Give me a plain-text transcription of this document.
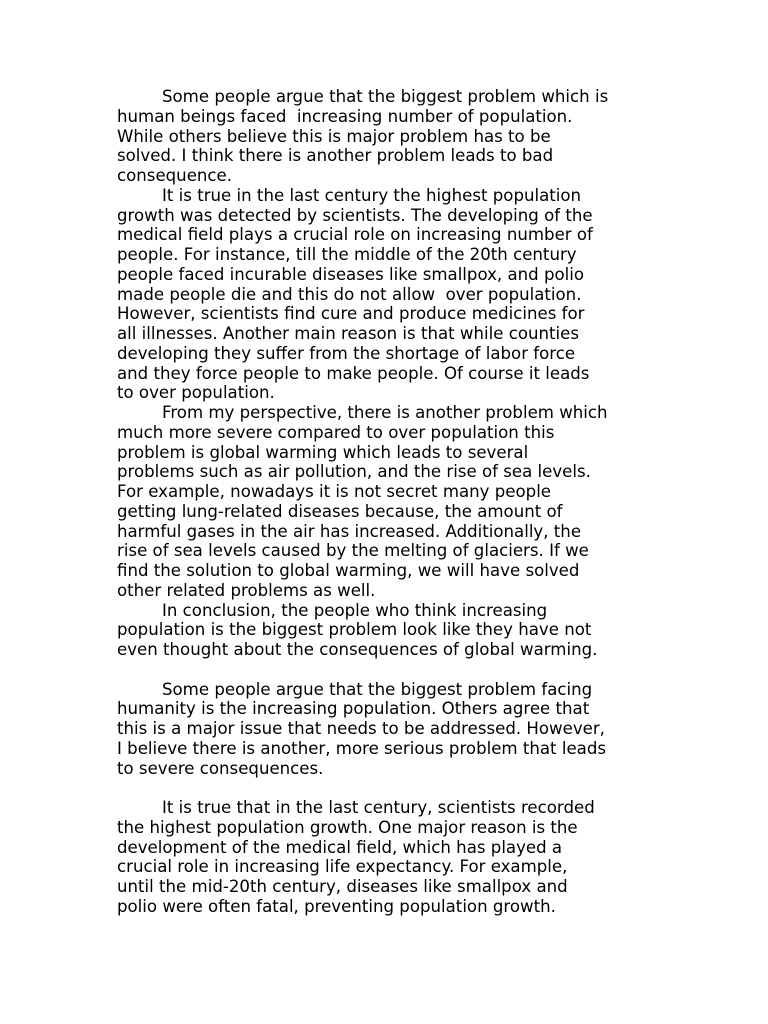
Some people argue that the biggest problem which is
human beings faced  increasing number of population.
While others believe this is major problem has to be
solved. I think there is another problem leads to bad
consequence.
It is true in the last century the highest population
growth was detected by scientists. The developing of the
medical field plays a crucial role on increasing number of
people. For instance, till the middle of the 20th century
people faced incurable diseases like smallpox, and polio
made people die and this do not allow  over population.
However, scientists find cure and produce medicines for
all illnesses. Another main reason is that while counties
developing they suffer from the shortage of labor force
and they force people to make people. Of course it leads
to over population.
From my perspective, there is another problem which
much more severe compared to over population this
problem is global warming which leads to several
problems such as air pollution, and the rise of sea levels.
For example, nowadays it is not secret many people
getting lung-related diseases because, the amount of
harmful gases in the air has increased. Additionally, the
rise of sea levels caused by the melting of glaciers. If we
find the solution to global warming, we will have solved
other related problems as well.
In conclusion, the people who think increasing
population is the biggest problem look like they have not
even thought about the consequences of global warming.
Some people argue that the biggest problem facing
humanity is the increasing population. Others agree that
this is a major issue that needs to be addressed. However,
I believe there is another, more serious problem that leads
to severe consequences.
It is true that in the last century, scientists recorded
the highest population growth. One major reason is the
development of the medical field, which has played a
crucial role in increasing life expectancy. For example,
until the mid-20th century, diseases like smallpox and
polio were often fatal, preventing population growth.
